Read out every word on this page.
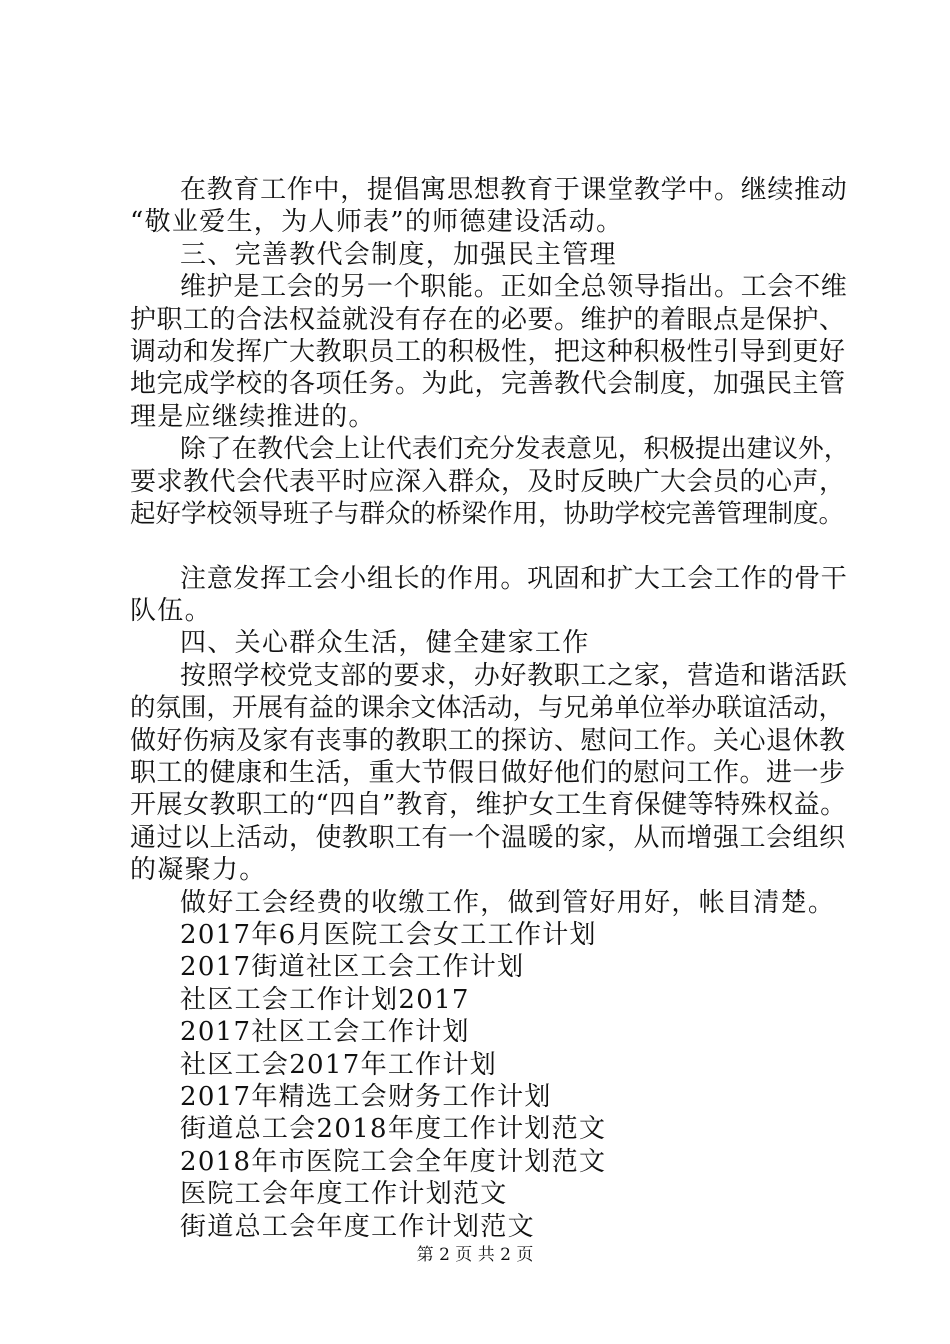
在教育工作中，提倡寓思想教育于课堂教学中。继续推动
“敬业爱生，为人师表”的师德建设活动。
三、完善教代会制度，加强民主管理
维护是工会的另一个职能。正如全总领导指出。工会不维
护职工的合法权益就没有存在的必要。维护的着眼点是保护、
调动和发挥广大教职员工的积极性，把这种积极性引导到更好
地完成学校的各项任务。为此，完善教代会制度，加强民主管
理是应继续推进的。
除了在教代会上让代表们充分发表意见，积极提出建议外，
要求教代会代表平时应深入群众，及时反映广大会员的心声，
起好学校领导班子与群众的桥梁作用，协助学校完善管理制度。
注意发挥工会小组长的作用。巩固和扩大工会工作的骨干
队伍。
四、关心群众生活，健全建家工作
按照学校党支部的要求，办好教职工之家，营造和谐活跃
的氛围，开展有益的课余文体活动，与兄弟单位举办联谊活动，
做好伤病及家有丧事的教职工的探访、慰问工作。关心退休教
职工的健康和生活，重大节假日做好他们的慰问工作。进一步
开展女教职工的“四自”教育，维护女工生育保健等特殊权益。
通过以上活动，使教职工有一个温暖的家，从而增强工会组织
的凝聚力。
做好工会经费的收缴工作，做到管好用好，帐目清楚。
2017年6月医院工会女工工作计划
2017街道社区工会工作计划
社区工会工作计划2017
2017社区工会工作计划
社区工会2017年工作计划
2017年精选工会财务工作计划
街道总工会2018年度工作计划范文
2018年市医院工会全年度计划范文
医院工会年度工作计划范文
街道总工会年度工作计划范文
第 2 页 共 2 页
